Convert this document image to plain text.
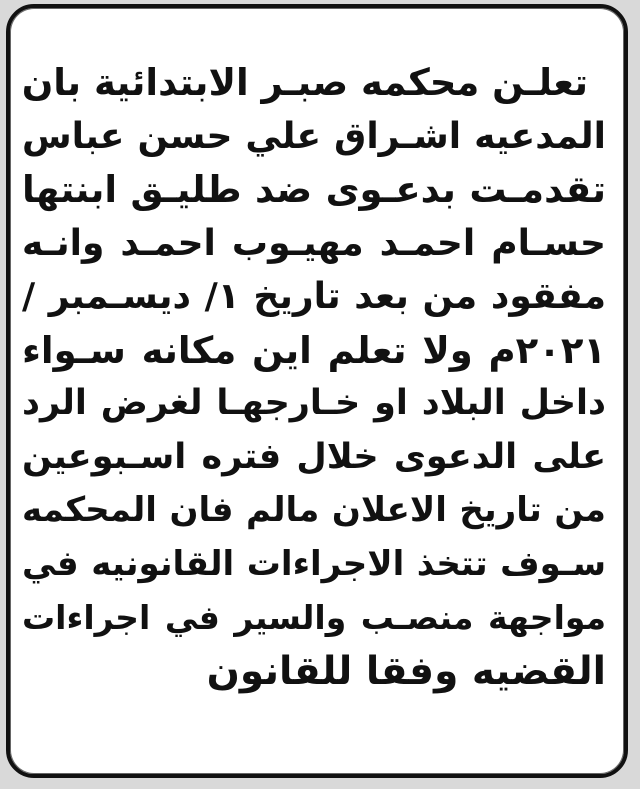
تعلـن محكمه صبـر الابتدائية بان
المدعيه اشـراق علي حسن عباس
تقدمـت بدعـوى ضد طليـق ابنتها
حسـام احمـد مهيـوب احمـد وانـه
مفقود من بعد تاريخ ١/ ديسـمبر /
٢٠٢١م ولا تعلم اين مكانه سـواء
داخل البلاد او خـارجهـا لغرض الرد
على الدعوى خلال فتره اسـبوعين
من تاريخ الاعلان مالم فان المحكمه
سـوف تتخذ الاجراءات القانونيه في
مواجهة منصـب والسير في اجراءات
القضيه وفقا للقانون
